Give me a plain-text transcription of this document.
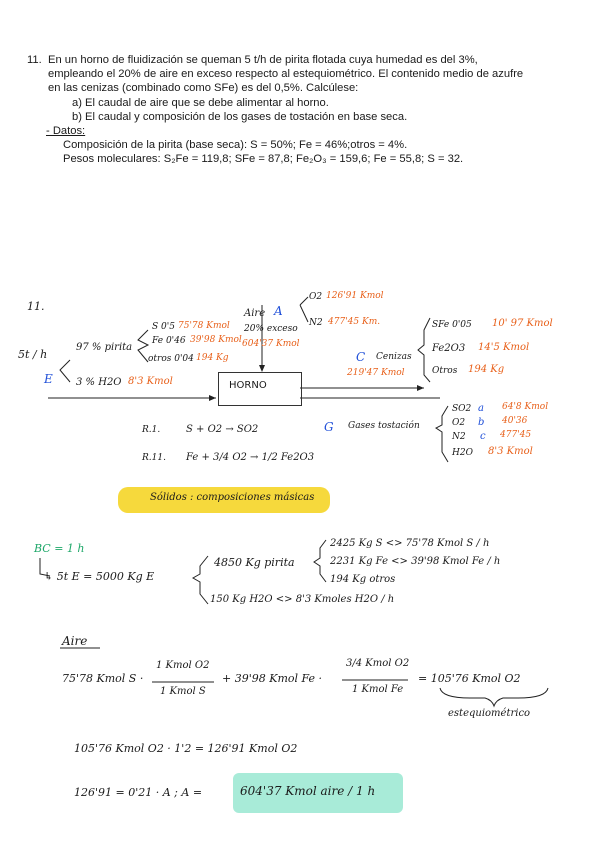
11. En un horno de fluidización se queman 5 t/h de pirita flotada cuya humedad es del 3%,
empleando el 20% de aire en exceso respecto al estequiométrico. El contenido medio de azufre
en las cenizas (combinado como SFe) es del 0,5%. Calcúlese:
a) El caudal de aire que se debe alimentar al horno.
b) El caudal y composición de los gases de tostación en base seca.
- Datos:
Composición de la pirita (base seca): S = 50%; Fe = 46%;otros = 4%.
Pesos moleculares: S₂Fe = 119,8; SFe = 87,8; Fe₂O₃ = 159,6; Fe = 55,8; S = 32.
11.
5t / h
E
97 % pirita
3 % H2O 8'3 Kmol
S 0'5 75'78 Kmol
Fe 0'46 39'98 Kmol
otros 0'04 194 Kg
Aire A
20% exceso
604'37 Kmol
O2 126'91 Kmol
N2 477'45 Km.
HORNO
C Cenizas
219'47 Kmol
SFe 0'05 10' 97 Kmol
Fe2O3 14'5 Kmol
Otros 194 Kg
G Gases tostación
SO2 a 64'8 Kmol
O2 b 40'36
N2 c 477'45
H2O 8'3 Kmol
R.1.	S + O2 → SO2
R.11. Fe + 3/4 O2 → 1/2 Fe2O3
Sólidos : composiciones másicas
BC = 1 h
↳ 5t E = 5000 Kg E
4850 Kg pirita
150 Kg H2O <> 8'3 Kmoles H2O / h
2425 Kg S <> 75'78 Kmol S / h
2231 Kg Fe <> 39'98 Kmol Fe / h
194 Kg otros
Aire
75'78 Kmol S ·
1 Kmol O2
1 Kmol S
+ 39'98 Kmol Fe ·
3/4 Kmol O2
1 Kmol Fe
= 105'76 Kmol O2
estequiométrico
105'76 Kmol O2 · 1'2 = 126'91 Kmol O2
126'91 = 0'21 · A ; A =	604'37 Kmol aire / 1 h
